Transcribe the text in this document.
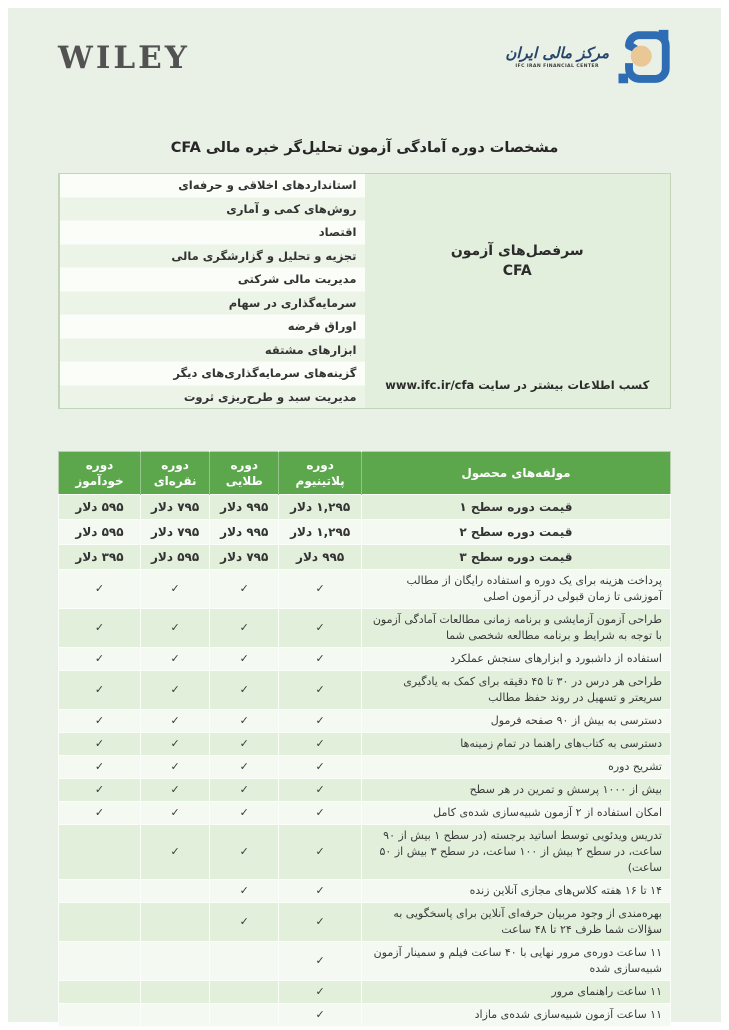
WILEY	مرکز مالی ایران
IFC IRAN FINANCIAL CENTER
مشخصات دوره آمادگی آزمون تحلیل‌گر خبره مالی CFA
سرفصل‌های آزمون
CFA
کسب اطلاعات بیشتر در سایت www.ifc.ir/cfa
استانداردهای اخلاقی و حرفه‌ای
روش‌های کمی و آماری
اقتصاد
تجزیه و تحلیل و گزارشگری مالی
مدیریت مالی شرکتی
سرمایه‌گذاری در سهام
اوراق قرضه
ابزارهای مشتقه
گزینه‌های سرمایه‌گذاری‌های دیگر
مدیریت سبد و طرح‌ریزی ثروت
مولفه‌های محصول	دوره پلاتینیوم	دوره طلایی	دوره نقره‌ای	دوره خودآموز
قیمت دوره سطح ۱	۱,۲۹۵ دلار	۹۹۵ دلار	۷۹۵ دلار	۵۹۵ دلار
قیمت دوره سطح ۲	۱,۲۹۵ دلار	۹۹۵ دلار	۷۹۵ دلار	۵۹۵ دلار
قیمت دوره سطح ۳	۹۹۵ دلار	۷۹۵ دلار	۵۹۵ دلار	۳۹۵ دلار
پرداخت هزینه برای یک دوره و استفاده رایگان از مطالب آموزشی تا زمان قبولی در آزمون اصلی	✓	✓	✓	✓
طراحی آزمون آزمایشی و برنامه زمانی مطالعات آمادگی آزمون با توجه به شرایط و برنامه مطالعه شخصی شما	✓	✓	✓	✓
استفاده از داشبورد و ابزارهای سنجش عملکرد	✓	✓	✓	✓
طراحی هر درس در ۳۰ تا ۴۵ دقیقه برای کمک به یادگیری سریعتر و تسهیل در روند حفظ مطالب	✓	✓	✓	✓
دسترسی به بیش از ۹۰ صفحه فرمول	✓	✓	✓	✓
دسترسی به کتاب‌های راهنما در تمام زمینه‌ها	✓	✓	✓	✓
تشریح دوره	✓	✓	✓	✓
بیش از ۱۰۰۰ پرسش و تمرین در هر سطح	✓	✓	✓	✓
امکان استفاده از ۲ آزمون شبیه‌سازی شده‌ی کامل	✓	✓	✓	✓
تدریس ویدئویی توسط اساتید برجسته (در سطح ۱ بیش از ۹۰ ساعت، در سطح ۲ بیش از ۱۰۰ ساعت، در سطح ۳ بیش از ۵۰ ساعت)	✓	✓	✓	
۱۴ تا ۱۶ هفته کلاس‌های مجازی آنلاین زنده	✓	✓		
بهره‌مندی از وجود مربیان حرفه‌ای آنلاین برای پاسخگویی به سؤالات شما ظرف ۲۴ تا ۴۸ ساعت	✓	✓		
۱۱ ساعت دوره‌ی مرور نهایی با ۴۰ ساعت فیلم و سمینار آزمون شبیه‌سازی شده	✓			
۱۱ ساعت راهنمای مرور	✓			
۱۱ ساعت آزمون شبیه‌سازی شده‌ی مازاد	✓			
